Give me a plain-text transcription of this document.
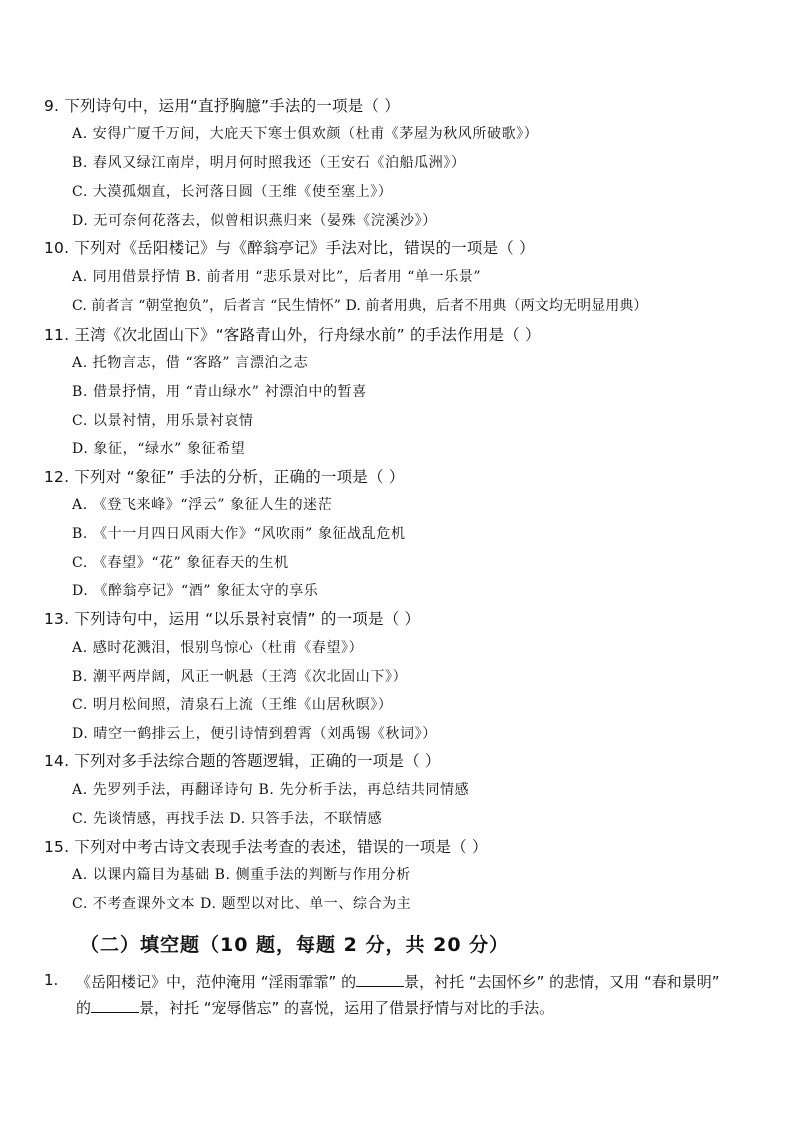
9. 下列诗句中，运用“直抒胸臆”手法的一项是（ ）
A. 安得广厦千万间，大庇天下寒士俱欢颜（杜甫《茅屋为秋风所破歌》）
B. 春风又绿江南岸，明月何时照我还（王安石《泊船瓜洲》）
C. 大漠孤烟直，长河落日圆（王维《使至塞上》）
D. 无可奈何花落去，似曾相识燕归来（晏殊《浣溪沙》）
10. 下列对《岳阳楼记》与《醉翁亭记》手法对比，错误的一项是（ ）
A. 同用借景抒情 B. 前者用 “悲乐景对比”，后者用 “单一乐景”
C. 前者言 “朝堂抱负”，后者言 “民生情怀” D. 前者用典，后者不用典（两文均无明显用典）
11. 王湾《次北固山下》“客路青山外，行舟绿水前” 的手法作用是（ ）
A. 托物言志，借 “客路” 言漂泊之志
B. 借景抒情，用 “青山绿水” 衬漂泊中的暂喜
C. 以景衬情，用乐景衬哀情
D. 象征，“绿水” 象征希望
12. 下列对 “象征” 手法的分析，正确的一项是（ ）
A. 《登飞来峰》“浮云” 象征人生的迷茫
B. 《十一月四日风雨大作》“风吹雨” 象征战乱危机
C. 《春望》“花” 象征春天的生机
D. 《醉翁亭记》“酒” 象征太守的享乐
13. 下列诗句中，运用 “以乐景衬哀情” 的一项是（ ）
A. 感时花溅泪，恨别鸟惊心（杜甫《春望》）
B. 潮平两岸阔，风正一帆悬（王湾《次北固山下》）
C. 明月松间照，清泉石上流（王维《山居秋暝》）
D. 晴空一鹤排云上，便引诗情到碧霄（刘禹锡《秋词》）
14. 下列对多手法综合题的答题逻辑，正确的一项是（ ）
A. 先罗列手法，再翻译诗句 B. 先分析手法，再总结共同情感
C. 先谈情感，再找手法 D. 只答手法，不联情感
15. 下列对中考古诗文表现手法考查的表述，错误的一项是（ ）
A. 以课内篇目为基础 B. 侧重手法的判断与作用分析
C. 不考查课外文本 D. 题型以对比、单一、综合为主
（二）填空题（10 题，每题 2 分，共 20 分）
1. 《岳阳楼记》中，范仲淹用 “淫雨霏霏” 的	景，衬托 “去国怀乡” 的悲情，又用 “春和景明”
的	景，衬托 “宠辱偕忘” 的喜悦，运用了借景抒情与对比的手法。
